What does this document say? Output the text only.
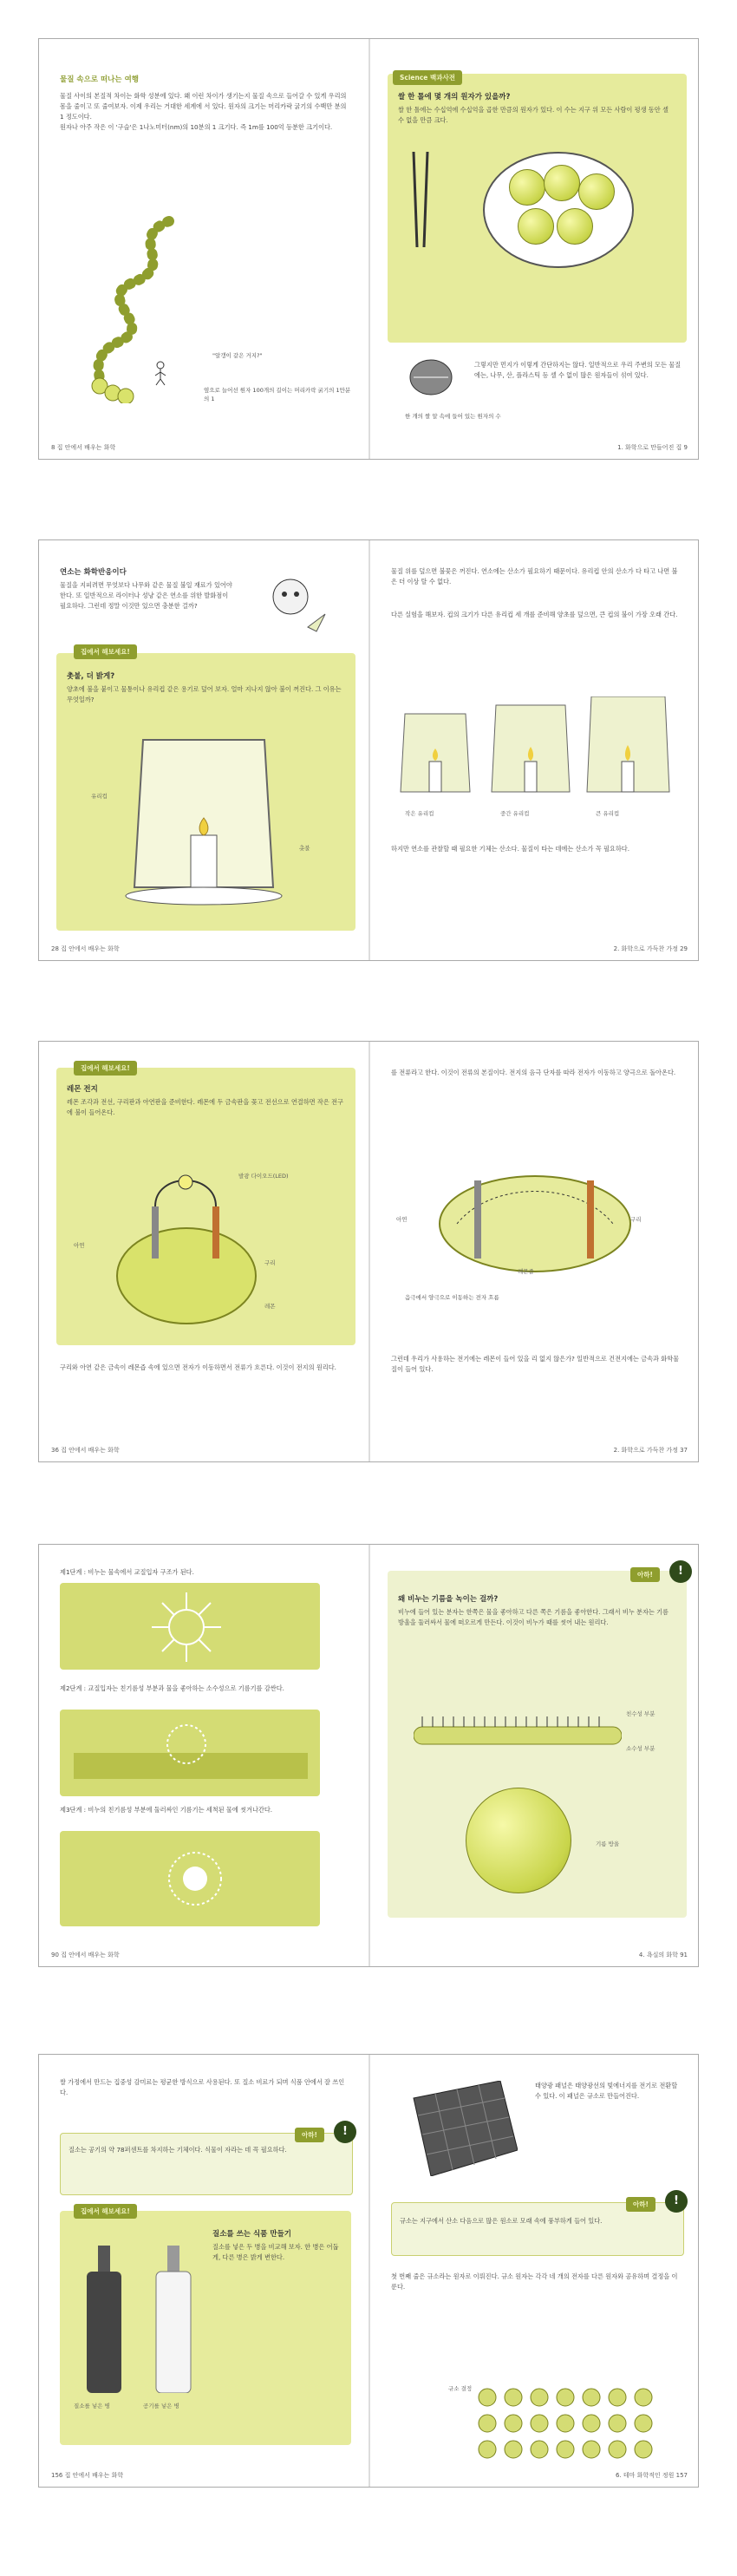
물질 속으로 떠나는 여행
물질 사이의 본질적 차이는 화학 성분에 있다. 왜 이런 차이가 생기는지 물질 속으로 들어갈 수 있게 우리의 몸을 줄이고 또 줄여보자. 이제 우리는 거대한 세계에 서 있다. 원자의 크기는 머리카락 굵기의 수백만 분의 1 정도이다.
원자나 아주 작은 이 '구슬'은 1나노미터(nm)의 10분의 1 크기다. 즉 1m를 100억 등분한 크기이다.
"알갱이 같은 거지?"
옆으로 늘어선 원자 100개의 길이는 머리카락 굵기의 1만분의 1
8 집 안에서 배우는 화학
Science 백과사전
쌀 한 톨에 몇 개의 원자가 있을까?
쌀 한 톨에는 수십억에 수십억을 곱한 만큼의 원자가 있다. 이 수는 지구 위 모든 사람이 평생 동안 셀 수 없을 만큼 크다.
그렇지만 먼지가 이렇게 간단하지는 않다. 일반적으로 우리 주변의 모든 물질에는, 나무, 산, 플라스틱 등 셀 수 없이 많은 원자들이 섞여 있다.
한 개의 쌀 알 속에 들어 있는 원자의 수
1. 화학으로 만들어진 집 9
연소는 화학반응이다
물질을 지피려면 무엇보다 나무와 같은 물질 불일 재료가 있어야 한다. 또 일반적으로 라이터나 성냥 같은 연소를 위한 발화점이 필요하다. 그런데 정말 이것만 있으면 충분한 걸까?
집에서 해보세요!
촛불, 더 밝게?
양초에 불을 붙이고 물통이나 유리컵 같은 용기로 덮어 보자. 얼마 지나지 않아 불이 꺼진다. 그 이유는 무엇일까?
유리컵
촛불
28 집 안에서 배우는 화학
물질 위를 덮으면 불꽃은 꺼진다. 연소에는 산소가 필요하기 때문이다. 유리컵 안의 산소가 다 타고 나면 불은 더 이상 탈 수 없다.
다른 실험을 해보자. 컵의 크기가 다른 유리컵 세 개를 준비해 양초를 덮으면, 큰 컵의 불이 가장 오래 간다.
작은 유리컵	중간 유리컵	큰 유리컵
하지만 연소를 관찰할 때 필요한 기체는 산소다. 물질이 타는 데에는 산소가 꼭 필요하다.
2. 화학으로 가득찬 가정 29
집에서 해보세요!
레몬 전지
레몬 조각과 전선, 구리판과 아연판을 준비한다. 레몬에 두 금속판을 꽂고 전선으로 연결하면 작은 전구에 불이 들어온다.
발광 다이오드(LED)
아연
구리
레몬
구리와 아연 같은 금속이 레몬즙 속에 있으면 전자가 이동하면서 전류가 흐른다. 이것이 전지의 원리다.
36 집 안에서 배우는 화학
를 전류라고 한다. 이것이 전류의 본질이다. 전지의 음극 단자를 따라 전자가 이동하고 양극으로 돌아온다.
아연	구리
레몬즙
음극에서 양극으로 이동하는 전자 흐름
그런데 우리가 사용하는 전기에는 레몬이 들어 있을 리 없지 않은가? 일반적으로 건전지에는 금속과 화학물질이 들어 있다.
2. 화학으로 가득찬 가정 37
제1단계 : 비누는 물속에서 교질입자 구조가 된다.
제2단계 : 교질입자는 친기름성 부분과 물을 좋아하는 소수성으로 기름기를 감싼다.
제3단계 : 비누의 친기름성 부분에 둘러싸인 기름기는 세척된 물에 씻겨나간다.
90 집 안에서 배우는 화학
아하!	!
왜 비누는 기름을 녹이는 걸까?
비누에 들어 있는 분자는 한쪽은 물을 좋아하고 다른 쪽은 기름을 좋아한다. 그래서 비누 분자는 기름 방울을 둘러싸서 물에 떠오르게 만든다. 이것이 비누가 때를 씻어 내는 원리다.
친수성 부분
소수성 부분
기름 방울
4. 욕실의 화학 91
쌀 가정에서 만드는 집중성 감미료는 평균한 방식으로 사용된다. 또 질소 비료가 되며 식품 안에서 잘 쓰인다.
아하!	!
질소는 공기의 약 78퍼센트를 차지하는 기체이다. 식물이 자라는 데 꼭 필요하다.
집에서 해보세요!
질소를 쓰는 식품 만들기
질소를 넣은 두 병을 비교해 보자. 한 병은 어둡게, 다른 병은 밝게 변한다.
질소를 넣은 병	공기를 넣은 병
156 집 안에서 배우는 화학
태양광 패널은 태양광선의 빛에너지를 전기로 전환할 수 있다. 이 패널은 규소로 만들어진다.
아하!	!
규소는 지구에서 산소 다음으로 많은 원소로 모래 속에 풍부하게 들어 있다.
첫 번째 줄은 규소라는 원자로 이뤄진다. 규소 원자는 각각 네 개의 전자를 다른 원자와 공유하며 결정을 이룬다.
규소 결정
6. 테마 화학적인 정원 157
